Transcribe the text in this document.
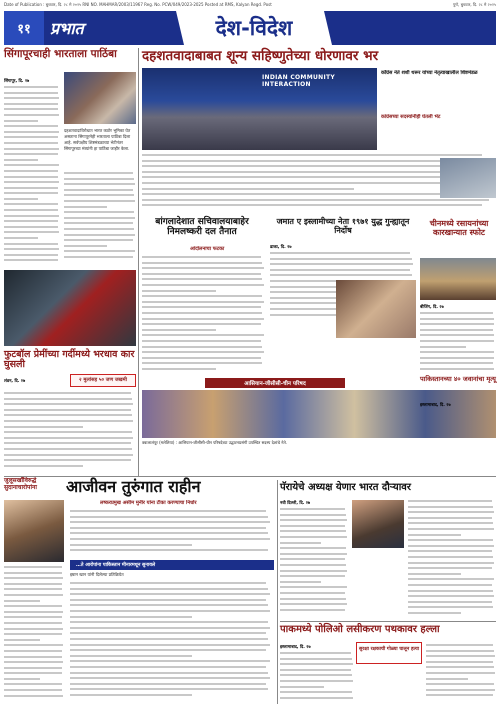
Date of Publication : बुधवार, दि. २८ मे २०२५ RNI NO. MAHMAR/2003/11967 Reg. No. PCW/049/2023-2025 Posted at RMS, Kalyan Regd. Post	पुणे, बुधवार, दि. २८ मे २०२५
११	प्रभात	देश-विदेश
सिंगापूरचाही भारताला पाठिंबा
सिंगापूर, दि. २७
दहशतवादाविरोधात भारत कठोर भूमिका घेत असताना सिंगापूरनेही भारताला पाठिंबा दिला आहे. सर्वपक्षीय शिष्टमंडळाच्या भेटीनंतर सिंगापूरच्या मंत्र्यांनी हा पाठिंबा जाहीर केला.
दहशतवादाबाबत शून्य सहिष्णुतेच्या धोरणावर भर
INDIAN COMMUNITY INTERACTION
काँग्रेस नेते शशी थरूर यांच्या नेतृत्वाखालील शिष्टमंडळ
कांग्रेसच्या सदस्यांनीही घेतली भेट
बांगलादेशात सचिवालयाबाहेर निमलष्करी दल तैनात
आंदोलनाचा फटका
जमात ए इस्लामीच्या नेता १९७१ युद्ध गुन्ह्यातून निर्दोष
ढाका, दि. २७
चीनमध्ये रसायनांच्या कारखान्यात स्फोट
बीजिंग, दि. २७
फुटबॉल प्रेमींच्या गर्दीमध्ये भरधाव कार घुसली
२ मुलांसह ५० जण जखमी
लंडन, दि. २७
आसियान-जीसीसी-चीन परिषद
क्वालालंपूर (मलेशिया) : आसियान-जीसीसी-चीन परिषदेच्या उद्घाटनप्रसंगी उपस्थित सदस्य देशांचे नेते.
पाकिस्तानच्या ४० जवानांचा मृत्यू
इस्लामाबाद, दि. २७
जुलूसखाँविरुद्धे सुदानाचारोपांना	आजीवन तुरुंगात राहीन
लष्करप्रमुख असीम मुनीर यांना टीका करण्याचा निर्धार
…ते आरोपांना पाकिस्तान मीनारमधून सुनावले
इम्रान खान यांनी दिलेल्या प्रतिक्रियेत
पॅरायेचे अध्यक्ष येणार भारत दौऱ्यावर
नवी दिल्ली, दि. २७
पाकमध्ये पोलिओ लसीकरण पथकावर हल्ला
इस्लामाबाद, दि. २७
सुरक्षा रक्षकाची गोळ्या घालून हत्या
